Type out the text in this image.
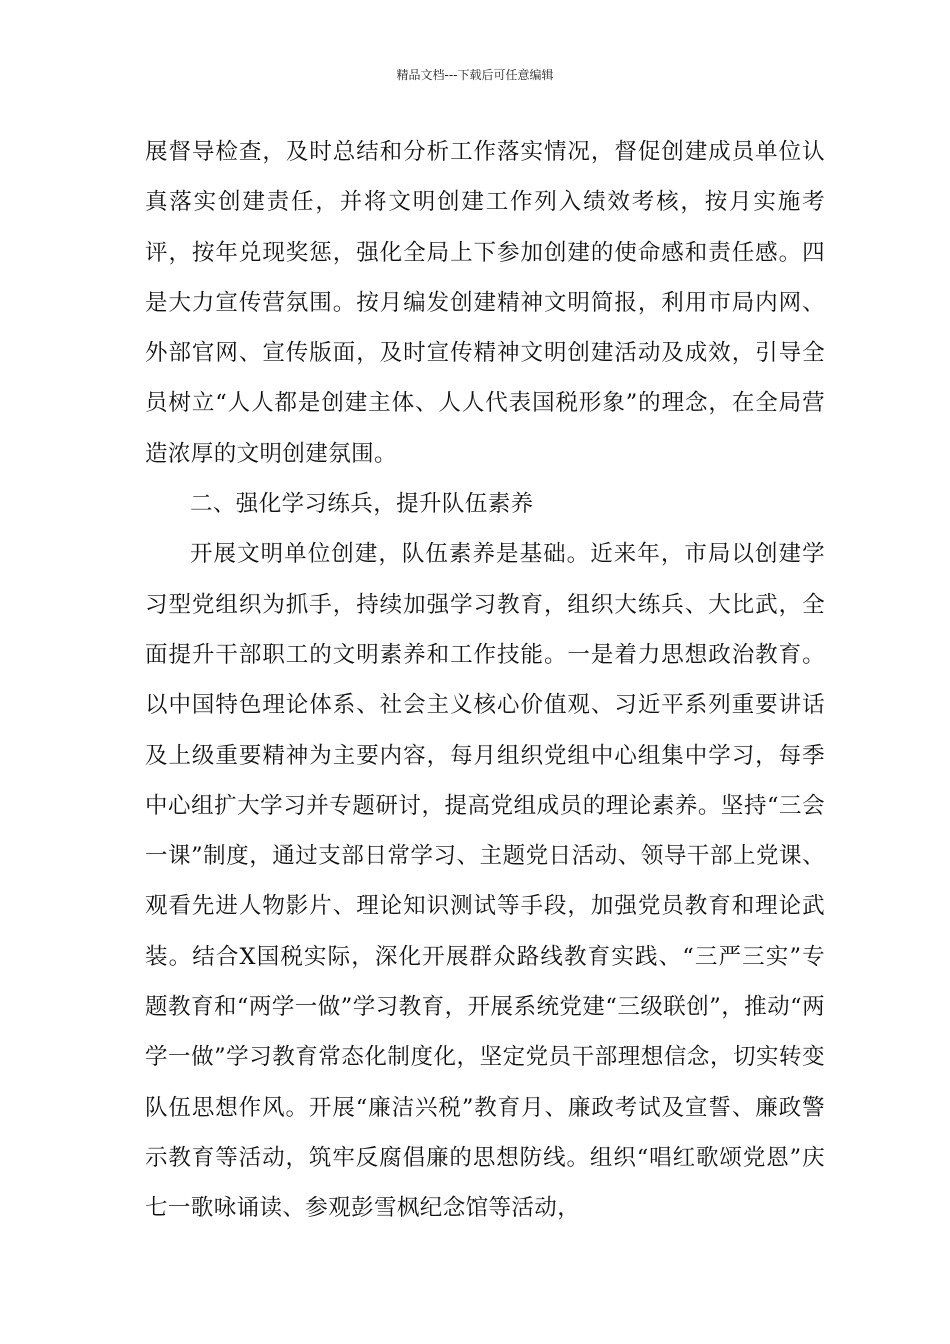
精品文档---下载后可任意编辑

展督导检查，及时总结和分析工作落实情况，督促创建成员单位认真落实创建责任，并将文明创建工作列入绩效考核，按月实施考评，按年兑现奖惩，强化全局上下参加创建的使命感和责任感。四是大力宣传营氛围。按月编发创建精神文明简报，利用市局内网、外部官网、宣传版面，及时宣传精神文明创建活动及成效，引导全员树立“人人都是创建主体、人人代表国税形象”的理念，在全局营造浓厚的文明创建氛围。

二、强化学习练兵，提升队伍素养

开展文明单位创建，队伍素养是基础。近来年，市局以创建学习型党组织为抓手，持续加强学习教育，组织大练兵、大比武，全面提升干部职工的文明素养和工作技能。一是着力思想政治教育。以中国特色理论体系、社会主义核心价值观、习近平系列重要讲话及上级重要精神为主要内容，每月组织党组中心组集中学习，每季中心组扩大学习并专题研讨，提高党组成员的理论素养。坚持“三会一课”制度，通过支部日常学习、主题党日活动、领导干部上党课、观看先进人物影片、理论知识测试等手段，加强党员教育和理论武装。结合X国税实际，深化开展群众路线教育实践、“三严三实”专题教育和“两学一做”学习教育，开展系统党建“三级联创”，推动“两学一做”学习教育常态化制度化，坚定党员干部理想信念，切实转变队伍思想作风。开展“廉洁兴税”教育月、廉政考试及宣誓、廉政警示教育等活动，筑牢反腐倡廉的思想防线。组织“唱红歌颂党恩”庆七一歌咏诵读、参观彭雪枫纪念馆等活动，
